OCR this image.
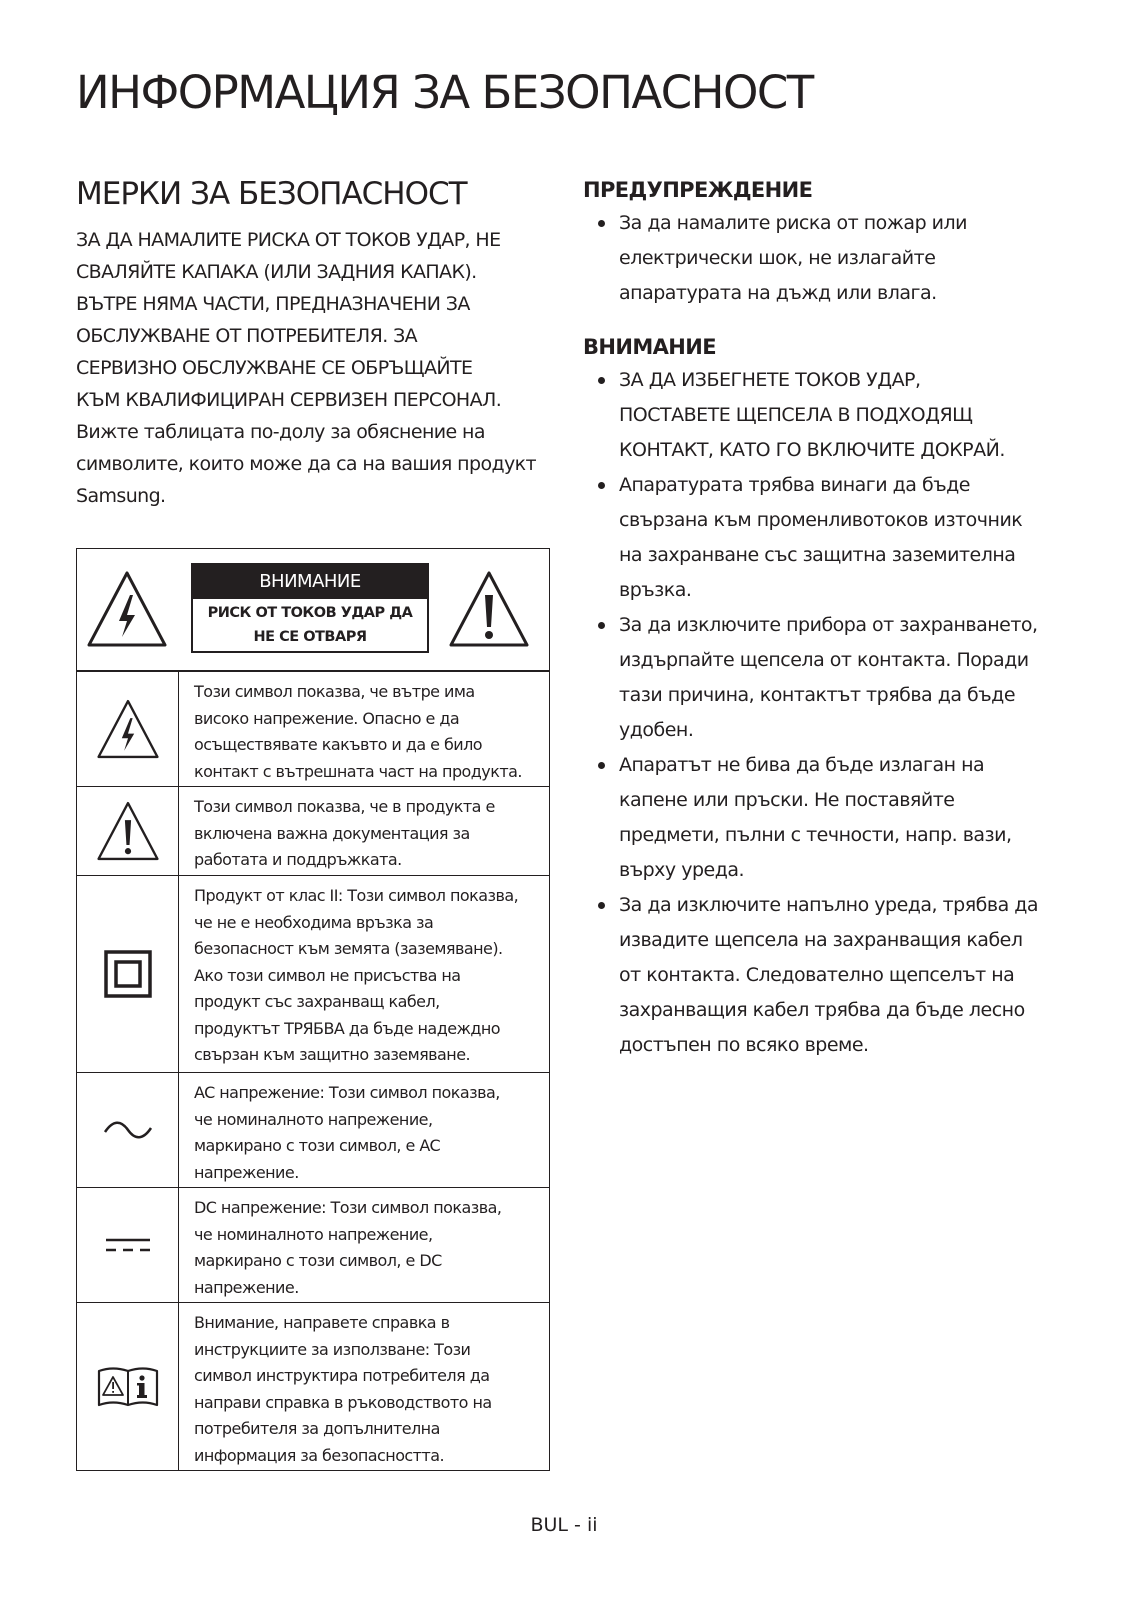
ИНФОРМАЦИЯ ЗА БЕЗОПАСНОСТ
МЕРКИ ЗА БЕЗОПАСНОСТ
ЗА ДА НАМАЛИТЕ РИСКА ОТ ТОКОВ УДАР, НЕ
СВАЛЯЙТЕ КАПАКА (ИЛИ ЗАДНИЯ КАПАК).
ВЪТРЕ НЯМА ЧАСТИ, ПРЕДНАЗНАЧЕНИ ЗА
ОБСЛУЖВАНЕ ОТ ПОТРЕБИТЕЛЯ. ЗА
СЕРВИЗНО ОБСЛУЖВАНЕ СЕ ОБРЪЩАЙТЕ
КЪМ КВАЛИФИЦИРАН СЕРВИЗЕН ПЕРСОНАЛ.
Вижте таблицата по-долу за обяснение на
символите, които може да са на вашия продукт
Samsung.
ВНИМАНИЕ
РИСК ОТ ТОКОВ УДАР ДА
НЕ СЕ ОТВАРЯ
Този символ показва, че вътре има
високо напрежение. Опасно е да
осъществявате какъвто и да е било
контакт с вътрешната част на продукта.
Този символ показва, че в продукта е
включена важна документация за
работата и поддръжката.
Продукт от клас II: Този символ показва,
че не е необходима връзка за
безопасност към земята (заземяване).
Ако този символ не присъства на
продукт със захранващ кабел,
продуктът ТРЯБВА да бъде надеждно
свързан към защитно заземяване.
AC напрежение: Този символ показва,
че номиналното напрежение,
маркирано с този символ, е AC
напрежение.
DC напрежение: Този символ показва,
че номиналното напрежение,
маркирано с този символ, е DC
напрежение.
Внимание, направете справка в
инструкциите за използване: Този
символ инструктира потребителя да
направи справка в ръководството на
потребителя за допълнителна
информация за безопасността.
ПРЕДУПРЕЖДЕНИЕ
За да намалите риска от пожар или
електрически шок, не излагайте
апаратурата на дъжд или влага.
ВНИМАНИЕ
ЗА ДА ИЗБЕГНЕТЕ ТОКОВ УДАР,
ПОСТАВЕТЕ ЩЕПСЕЛА В ПОДХОДЯЩ
КОНТАКТ, КАТО ГО ВКЛЮЧИТЕ ДОКРАЙ.
Апаратурата трябва винаги да бъде
свързана към променливотоков източник
на захранване със защитна заземителна
връзка.
За да изключите прибора от захранването,
издърпайте щепсела от контакта. Поради
тази причина, контактът трябва да бъде
удобен.
Апаратът не бива да бъде излаган на
капене или пръски. Не поставяйте
предмети, пълни с течности, напр. вази,
върху уреда.
За да изключите напълно уреда, трябва да
извадите щепсела на захранващия кабел
от контакта. Следователно щепселът на
захранващия кабел трябва да бъде лесно
достъпен по всяко време.
BUL - ii
